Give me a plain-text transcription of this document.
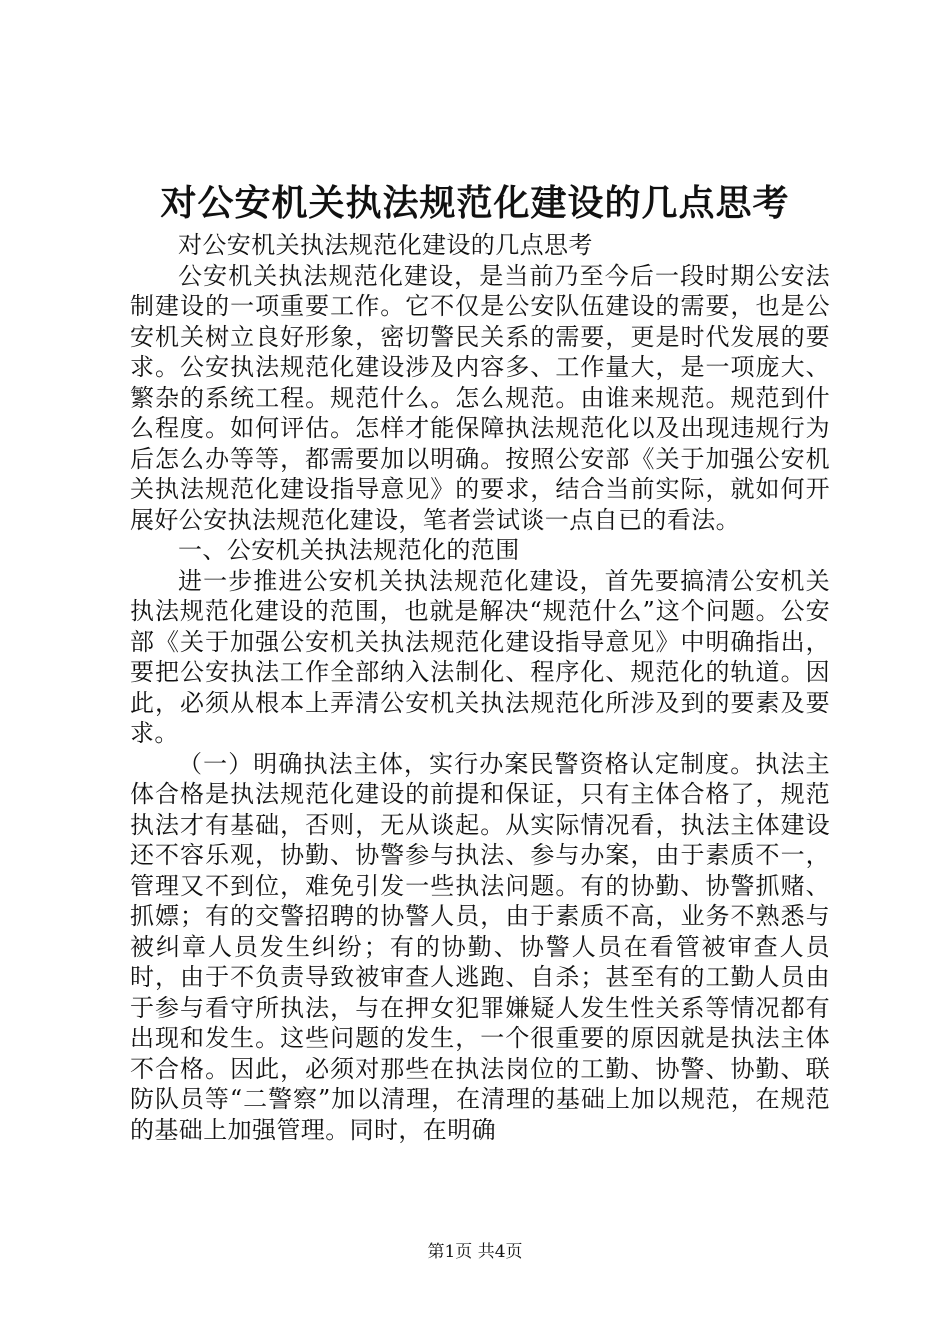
对公安机关执法规范化建设的几点思考

对公安机关执法规范化建设的几点思考

公安机关执法规范化建设，是当前乃至今后一段时期公安法制建设的一项重要工作。它不仅是公安队伍建设的需要，也是公安机关树立良好形象，密切警民关系的需要，更是时代发展的要求。公安执法规范化建设涉及内容多、工作量大，是一项庞大、繁杂的系统工程。规范什么。怎么规范。由谁来规范。规范到什么程度。如何评估。怎样才能保障执法规范化以及出现违规行为后怎么办等等，都需要加以明确。按照公安部《关于加强公安机关执法规范化建设指导意见》的要求，结合当前实际，就如何开展好公安执法规范化建设，笔者尝试谈一点自已的看法。

一、公安机关执法规范化的范围

进一步推进公安机关执法规范化建设，首先要搞清公安机关执法规范化建设的范围，也就是解决“规范什么”这个问题。公安部《关于加强公安机关执法规范化建设指导意见》中明确指出，要把公安执法工作全部纳入法制化、程序化、规范化的轨道。因此，必须从根本上弄清公安机关执法规范化所涉及到的要素及要求。

（一）明确执法主体，实行办案民警资格认定制度。执法主体合格是执法规范化建设的前提和保证，只有主体合格了，规范执法才有基础，否则，无从谈起。从实际情况看，执法主体建设还不容乐观，协勤、协警参与执法、参与办案，由于素质不一，管理又不到位，难免引发一些执法问题。有的协勤、协警抓赌、抓嫖；有的交警招聘的协警人员，由于素质不高，业务不熟悉与被纠章人员发生纠纷；有的协勤、协警人员在看管被审查人员时，由于不负责导致被审查人逃跑、自杀；甚至有的工勤人员由于参与看守所执法，与在押女犯罪嫌疑人发生性关系等情况都有出现和发生。这些问题的发生，一个很重要的原因就是执法主体不合格。因此，必须对那些在执法岗位的工勤、协警、协勤、联防队员等“二警察”加以清理，在清理的基础上加以规范，在规范的基础上加强管理。同时，在明确

第1页 共4页
